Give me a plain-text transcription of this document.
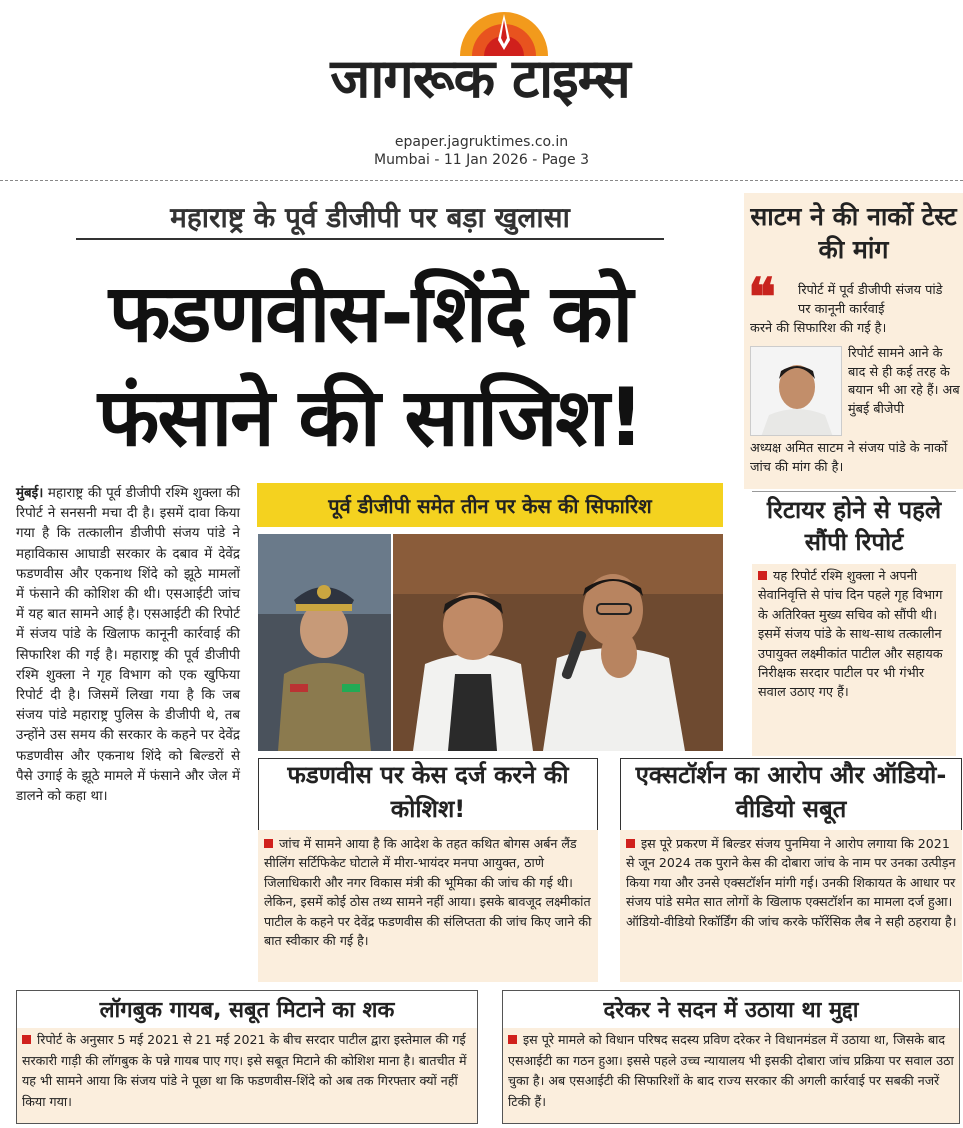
जागरूक टाइम्स
epaper.jagruktimes.co.in
Mumbai - 11 Jan 2026 - Page 3
महाराष्ट्र के पूर्व डीजीपी पर बड़ा खुलासा
फडणवीस-शिंदे को
फंसाने की साजिश!
मुंबई। महाराष्ट्र की पूर्व डीजीपी रश्मि शुक्ला की रिपोर्ट ने सनसनी मचा दी है। इसमें दावा किया गया है कि तत्कालीन डीजीपी संजय पांडे ने महाविकास आघाडी सरकार के दबाव में देवेंद्र फडणवीस और एकनाथ शिंदे को झूठे मामलों में फंसाने की कोशिश की थी। एसआईटी जांच में यह बात सामने आई है। एसआईटी की रिपोर्ट में संजय पांडे के खिलाफ कानूनी कार्रवाई की सिफारिश की गई है। महाराष्ट्र की पूर्व डीजीपी रश्मि शुक्ला ने गृह विभाग को एक खुफिया रिपोर्ट दी है। जिसमें लिखा गया है कि जब संजय पांडे महाराष्ट्र पुलिस के डीजीपी थे, तब उन्होंने उस समय की सरकार के कहने पर देवेंद्र फडणवीस और एकनाथ शिंदे को बिल्डरों से पैसे उगाई के झूठे मामले में फंसाने और जेल में डालने को कहा था।
पूर्व डीजीपी समेत तीन पर केस की सिफारिश
साटम ने की नार्को टेस्ट की मांग
❝ रिपोर्ट में पूर्व डीजीपी संजय पांडे पर कानूनी कार्रवाई
करने की सिफारिश की गई है।
रिपोर्ट सामने आने के बाद से ही कई तरह के बयान भी आ रहे हैं। अब मुंबई बीजेपी
अध्यक्ष अमित साटम ने संजय पांडे के नार्को जांच की मांग की है।
रिटायर होने से पहले सौंपी रिपोर्ट
यह रिपोर्ट रश्मि शुक्ला ने अपनी सेवानिवृत्ति से पांच दिन पहले गृह विभाग के अतिरिक्त मुख्य सचिव को सौंपी थी। इसमें संजय पांडे के साथ-साथ तत्कालीन उपायुक्त लक्ष्मीकांत पाटील और सहायक निरीक्षक सरदार पाटील पर भी गंभीर सवाल उठाए गए हैं।
फडणवीस पर केस दर्ज करने की कोशिश!
जांच में सामने आया है कि आदेश के तहत कथित बोगस अर्बन लैंड सीलिंग सर्टिफिकेट घोटाले में मीरा-भायंदर मनपा आयुक्त, ठाणे जिलाधिकारी और नगर विकास मंत्री की भूमिका की जांच की गई थी। लेकिन, इसमें कोई ठोस तथ्य सामने नहीं आया। इसके बावजूद लक्ष्मीकांत पाटील के कहने पर देवेंद्र फडणवीस की संलिप्तता की जांच किए जाने की बात स्वीकार की गई है।
एक्सटॉर्शन का आरोप और ऑडियो-वीडियो सबूत
इस पूरे प्रकरण में बिल्डर संजय पुनमिया ने आरोप लगाया कि 2021 से जून 2024 तक पुराने केस की दोबारा जांच के नाम पर उनका उत्पीड़न किया गया और उनसे एक्सटॉर्शन मांगी गई। उनकी शिकायत के आधार पर संजय पांडे समेत सात लोगों के खिलाफ एक्सटॉर्शन का मामला दर्ज हुआ। ऑडियो-वीडियो रिकॉर्डिंग की जांच करके फॉरेंसिक लैब ने सही ठहराया है।
लॉगबुक गायब, सबूत मिटाने का शक
रिपोर्ट के अनुसार 5 मई 2021 से 21 मई 2021 के बीच सरदार पाटील द्वारा इस्तेमाल की गई सरकारी गाड़ी की लॉगबुक के पन्ने गायब पाए गए। इसे सबूत मिटाने की कोशिश माना है। बातचीत में यह भी सामने आया कि संजय पांडे ने पूछा था कि फडणवीस-शिंदे को अब तक गिरफ्तार क्यों नहीं किया गया।
दरेकर ने सदन में उठाया था मुद्दा
इस पूरे मामले को विधान परिषद सदस्य प्रविण दरेकर ने विधानमंडल में उठाया था, जिसके बाद एसआईटी का गठन हुआ। इससे पहले उच्च न्यायालय भी इसकी दोबारा जांच प्रक्रिया पर सवाल उठा चुका है। अब एसआईटी की सिफारिशों के बाद राज्य सरकार की अगली कार्रवाई पर सबकी नजरें टिकी हैं।
